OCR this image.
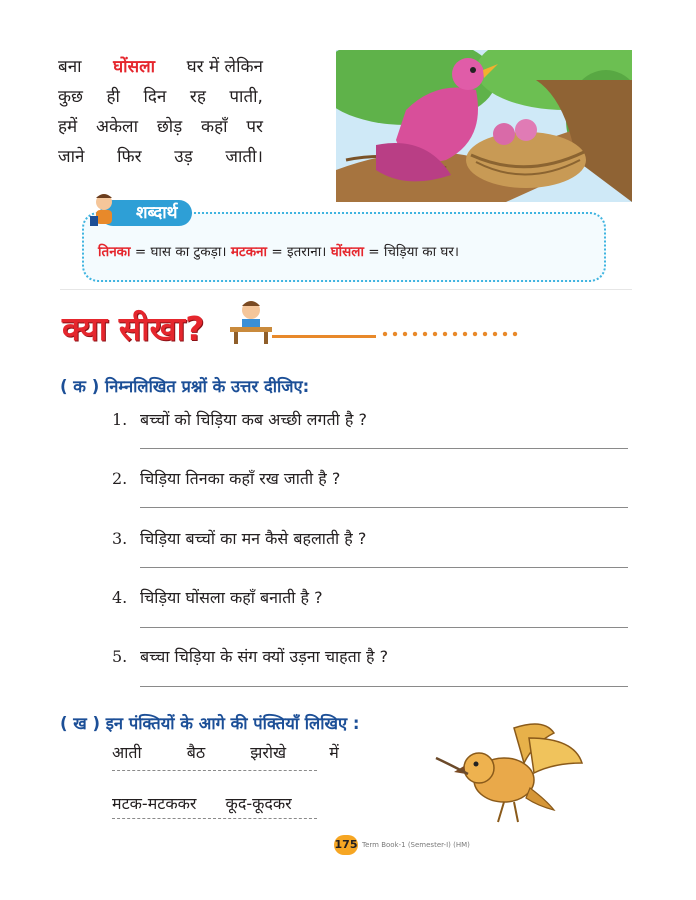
बना घोंसला घर में लेकिन
कुछ ही दिन रह पाती,
हमें अकेला छोड़ कहाँ पर
जाने फिर उड़ जाती।
शब्दार्थ
तिनका = घास का टुकड़ा। मटकना = इतराना। घोंसला = चिड़िया का घर।
क्या सीखा?
( क ) निम्नलिखित प्रश्नों के उत्तर दीजिए:
1. बच्चों को चिड़िया कब अच्छी लगती है ?
2. चिड़िया तिनका कहाँ रख जाती है ?
3. चिड़िया बच्चों का मन कैसे बहलाती है ?
4. चिड़िया घोंसला कहाँ बनाती है ?
5. बच्चा चिड़िया के संग क्यों उड़ना चाहता है ?
( ख ) इन पंक्तियों के आगे की पंक्तियाँ लिखिए :
आती	बैठ	झरोखे	में
मटक-मटककर कूद-कूदकर
175 Term Book-1 (Semester-I) (HM)
